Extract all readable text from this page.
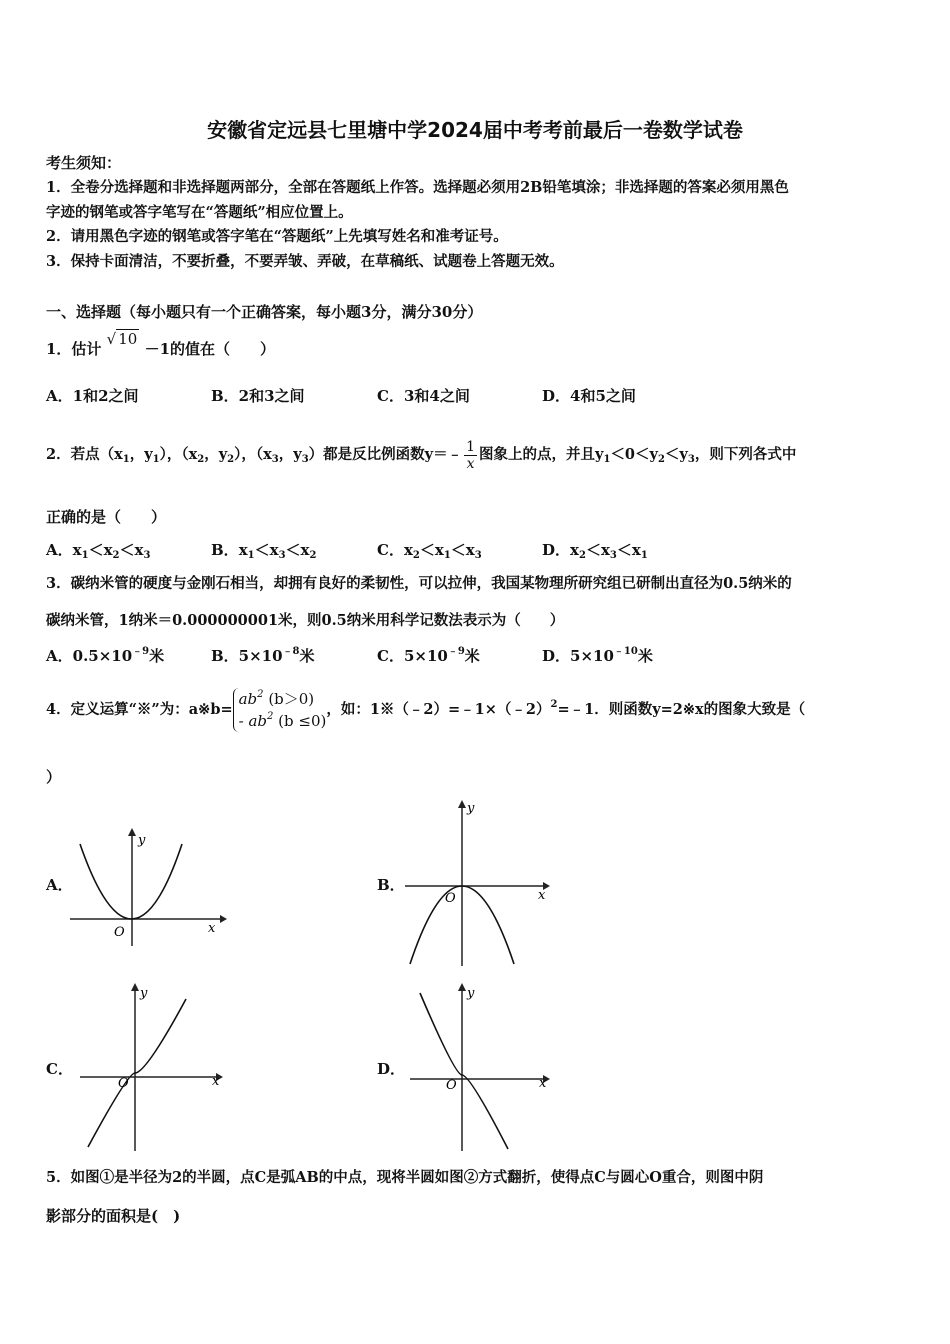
安徽省定远县七里塘中学2024届中考考前最后一卷数学试卷
考生须知：
1．全卷分选择题和非选择题两部分，全部在答题纸上作答。选择题必须用2B铅笔填涂；非选择题的答案必须用黑色
字迹的钢笔或答字笔写在“答题纸”相应位置上。
2．请用黑色字迹的钢笔或答字笔在“答题纸”上先填写姓名和准考证号。
3．保持卡面清洁，不要折叠，不要弄皱、弄破，在草稿纸、试题卷上答题无效。
一、选择题（每小题只有一个正确答案，每小题3分，满分30分）
1．估计 √ 10 －1的值在（　　）
A．1和2之间	B．2和3之间	C．3和4之间	D．4和5之间
2．若点（$x_1$，$y_1$），（$x_2$，$y_2$），（$x_3$，$y_3$）都是反比例函数y＝﹣ $\frac{1}{x}$ 图象上的点，并且$y_1<0<y_2<y_3$，则下列各式中
正确的是（　　）
A．$x_1<x_2<x_3$	B．$x_1<x_3<x_2$	C．$x_2<x_1<x_3$	D．$x_2<x_3<x_1$
3．碳纳米管的硬度与金刚石相当，却拥有良好的柔韧性，可以拉伸，我国某物理所研究组已研制出直径为0.5纳米的
碳纳米管，1纳米＝0.000000001米，则0.5纳米用科学记数法表示为（　　）
A．$0.5\times 10^{﹣9}$米	B．$5\times 10^{﹣8}$米	C．$5\times 10^{﹣9}$米	D．$5\times 10^{﹣10}$米
4．定义运算“※”为：$a※b=ab^2$ (b＞0)
- $ab^2$ (b ≤0)，如：1※（﹣2）=﹣1×（﹣2）$^2$=﹣1．则函数y=2※x的图象大致是（
）
A．	B．
C．	D．
y
x
O
y
x
O
y
x
O
y
x
O
5．如图①是半径为2的半圆，点C是弧AB的中点，现将半圆如图②方式翻折，使得点C与圆心O重合，则图中阴
影部分的面积是(　)
